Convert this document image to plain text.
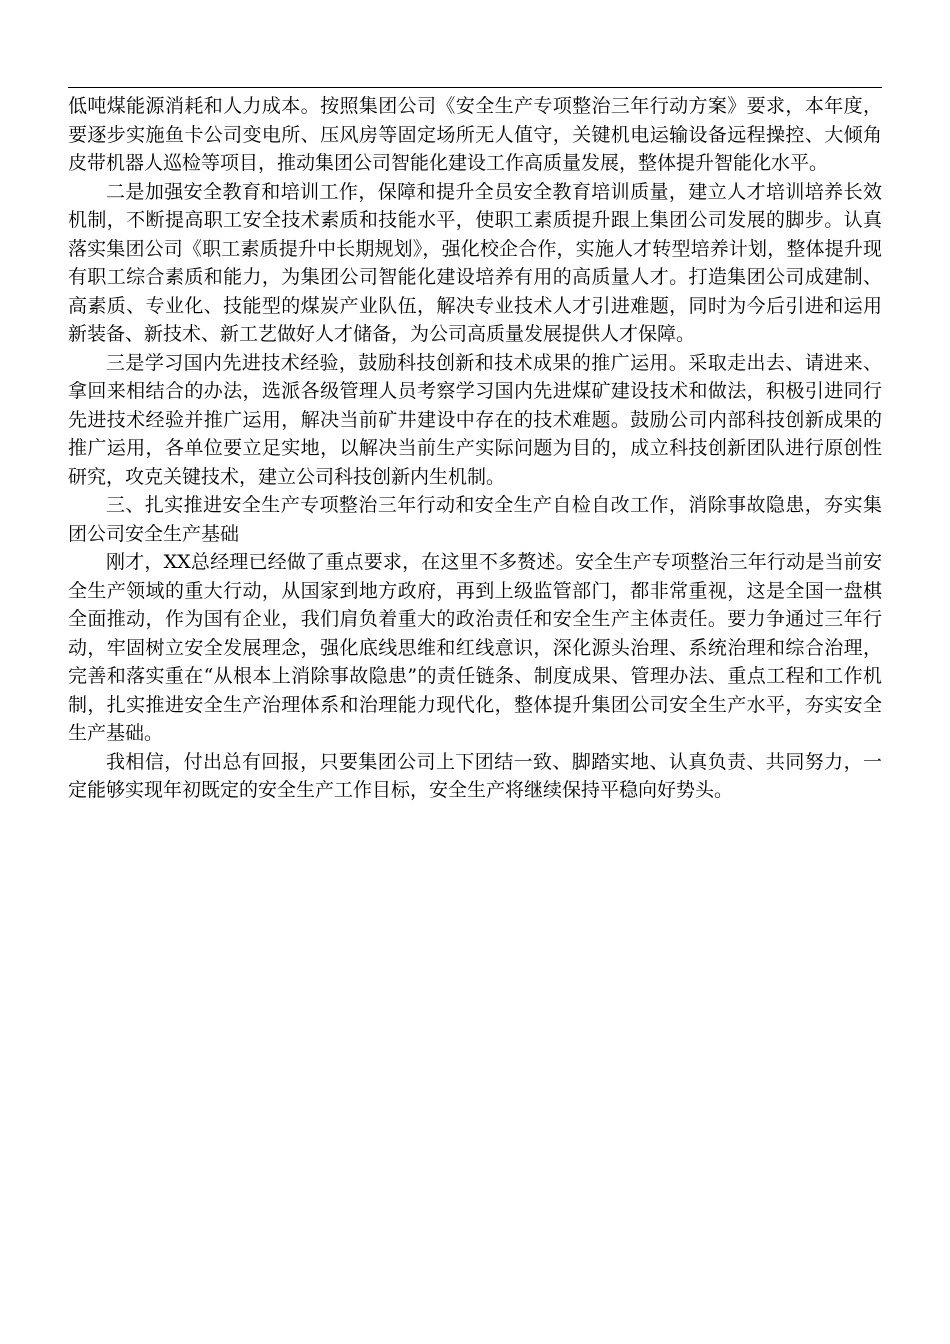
低吨煤能源消耗和人力成本。按照集团公司《安全生产专项整治三年行动方案》要求，本年度，要逐步实施鱼卡公司变电所、压风房等固定场所无人值守，关键机电运输设备远程操控、大倾角皮带机器人巡检等项目，推动集团公司智能化建设工作高质量发展，整体提升智能化水平。

二是加强安全教育和培训工作，保障和提升全员安全教育培训质量，建立人才培训培养长效机制，不断提高职工安全技术素质和技能水平，使职工素质提升跟上集团公司发展的脚步。认真落实集团公司《职工素质提升中长期规划》，强化校企合作，实施人才转型培养计划，整体提升现有职工综合素质和能力，为集团公司智能化建设培养有用的高质量人才。打造集团公司成建制、高素质、专业化、技能型的煤炭产业队伍，解决专业技术人才引进难题，同时为今后引进和运用新装备、新技术、新工艺做好人才储备，为公司高质量发展提供人才保障。

三是学习国内先进技术经验，鼓励科技创新和技术成果的推广运用。采取走出去、请进来、拿回来相结合的办法，选派各级管理人员考察学习国内先进煤矿建设技术和做法，积极引进同行先进技术经验并推广运用，解决当前矿井建设中存在的技术难题。鼓励公司内部科技创新成果的推广运用，各单位要立足实地，以解决当前生产实际问题为目的，成立科技创新团队进行原创性研究，攻克关键技术，建立公司科技创新内生机制。

三、扎实推进安全生产专项整治三年行动和安全生产自检自改工作，消除事故隐患，夯实集团公司安全生产基础

刚才，XX总经理已经做了重点要求，在这里不多赘述。安全生产专项整治三年行动是当前安全生产领域的重大行动，从国家到地方政府，再到上级监管部门，都非常重视，这是全国一盘棋全面推动，作为国有企业，我们肩负着重大的政治责任和安全生产主体责任。要力争通过三年行动，牢固树立安全发展理念，强化底线思维和红线意识，深化源头治理、系统治理和综合治理，完善和落实重在“从根本上消除事故隐患”的责任链条、制度成果、管理办法、重点工程和工作机制，扎实推进安全生产治理体系和治理能力现代化，整体提升集团公司安全生产水平，夯实安全生产基础。

我相信，付出总有回报，只要集团公司上下团结一致、脚踏实地、认真负责、共同努力，一定能够实现年初既定的安全生产工作目标，安全生产将继续保持平稳向好势头。
